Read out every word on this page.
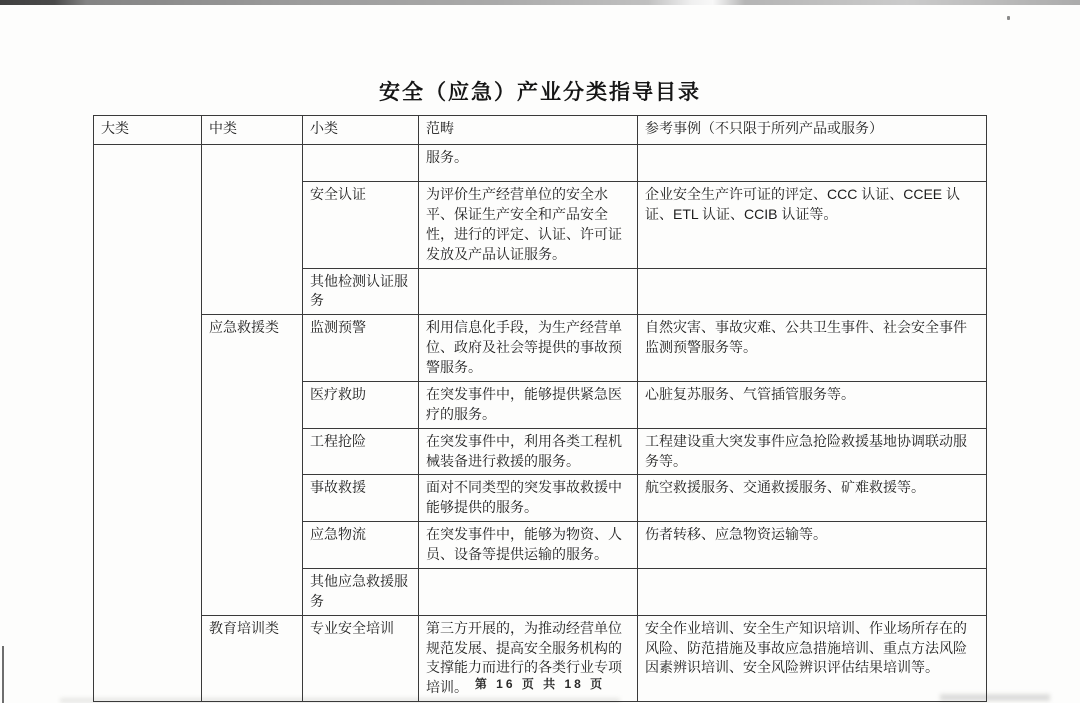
安全（应急）产业分类指导目录
大类	中类	小类	范畴	参考事例（不只限于所列产品或服务）
			服务。	
		安全认证	为评价生产经营单位的安全水平、保证生产安全和产品安全性，进行的评定、认证、许可证发放及产品认证服务。	企业安全生产许可证的评定、CCC 认证、CCEE 认证、ETL 认证、CCIB 认证等。
		其他检测认证服务		
	应急救援类	监测预警	利用信息化手段，为生产经营单位、政府及社会等提供的事故预警服务。	自然灾害、事故灾难、公共卫生事件、社会安全事件监测预警服务等。
		医疗救助	在突发事件中，能够提供紧急医疗的服务。	心脏复苏服务、气管插管服务等。
		工程抢险	在突发事件中，利用各类工程机械装备进行救援的服务。	工程建设重大突发事件应急抢险救援基地协调联动服务等。
		事故救援	面对不同类型的突发事故救援中能够提供的服务。	航空救援服务、交通救援服务、矿难救援等。
		应急物流	在突发事件中，能够为物资、人员、设备等提供运输的服务。	伤者转移、应急物资运输等。
		其他应急救援服务		
	教育培训类	专业安全培训	第三方开展的，为推动经营单位规范发展、提高安全服务机构的支撑能力而进行的各类行业专项培训。	安全作业培训、安全生产知识培训、作业场所存在的风险、防范措施及事故应急措施培训、重点方法风险因素辨识培训、安全风险辨识评估结果培训等。
第 16 页 共 18 页
